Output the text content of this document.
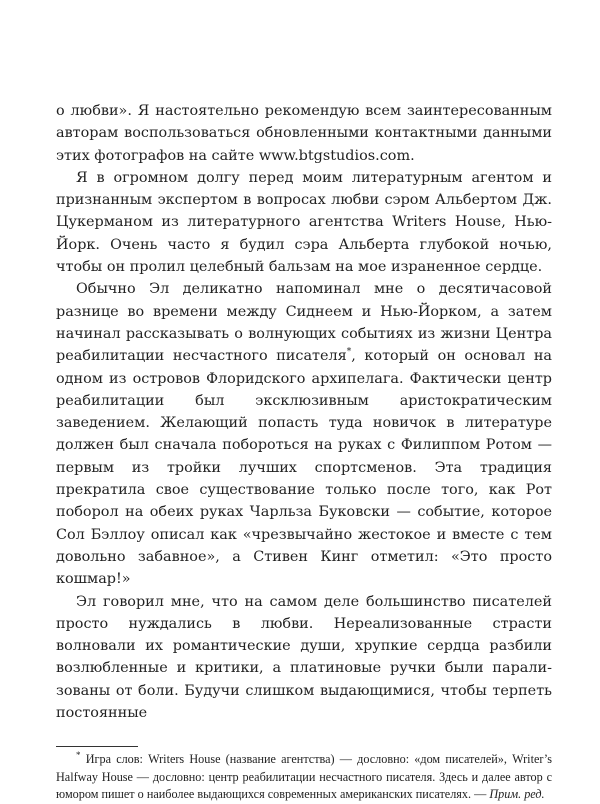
о любви». Я настоятельно рекомендую всем заинтересованным авторам воспользоваться обновленными контактными данными этих фотографов на сайте www.btgstudios.com.

Я в огромном долгу перед моим литературным агентом и признанным экспертом в вопросах любви сэром Альбертом Дж. Цукерманом из литературного агентства Writers House, Нью-Йорк. Очень часто я будил сэра Альберта глубокой ночью, чтобы он пролил целебный бальзам на мое израненное сердце.

Обычно Эл деликатно напоминал мне о десятичасовой разнице во времени между Сиднеем и Нью-Йорком, а затем начинал рассказывать о волнующих событиях из жизни Центра реабилитации несчастного писателя*, который он основал на одном из островов Флоридского архипелага. Фактически центр реабилитации был эксклюзивным аристократическим заведением. Желающий попасть туда новичок в литературе должен был сначала побороться на руках с Филиппом Ротом — первым из тройки лучших спортсменов. Эта традиция прекратила свое существование только после того, как Рот поборол на обеих руках Чарльза Буковски — событие, которое Сол Бэллоу описал как «чрезвычайно жестокое и вместе с тем довольно забавное», а Стивен Кинг отметил: «Это просто кошмар!»

Эл говорил мне, что на самом деле большинство писателей просто нуждались в любви. Нереализованные страсти волновали их романтические души, хрупкие сердца разбили возлюбленные и критики, а платиновые ручки были парализованы от боли. Будучи слишком выдающимися, чтобы терпеть постоянные

* Игра слов: Writers House (название агентства) — дословно: «дом писателей», Writer’s Halfway House — дословно: центр реабилитации несчастного писателя. Здесь и далее автор с юмором пишет о наиболее выдающихся современных американских писателях. — Прим. ред.
